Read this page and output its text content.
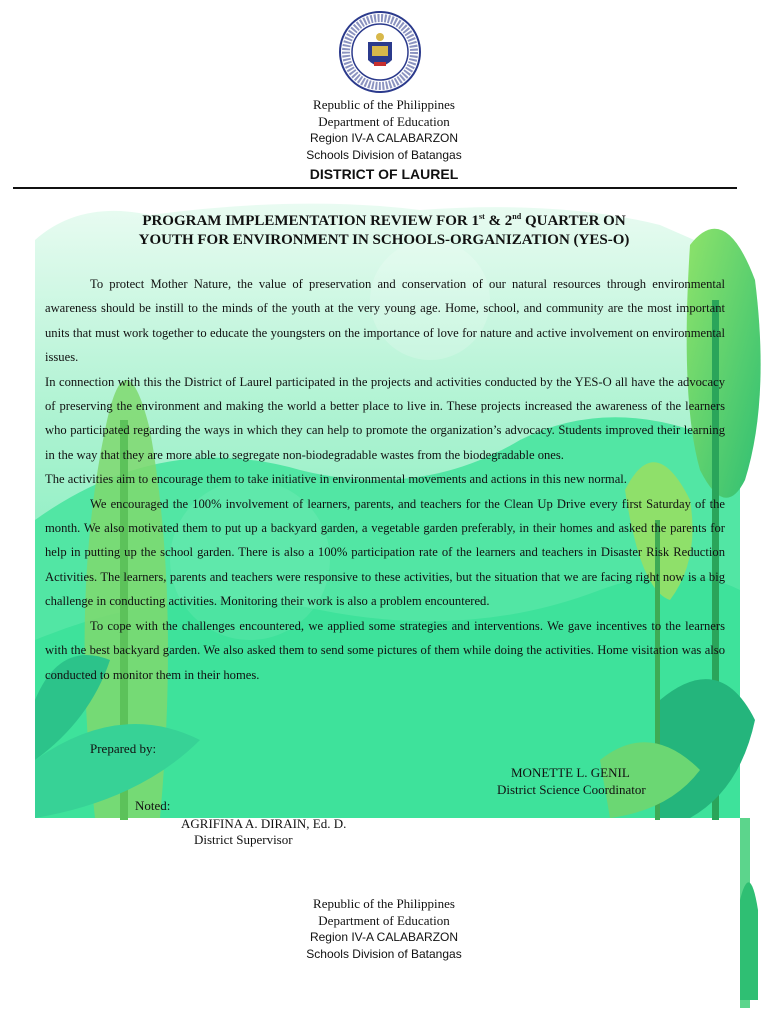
Republic of the Philippines
Department of Education
Region IV-A CALABARZON
Schools Division of Batangas
DISTRICT OF LAUREL
PROGRAM IMPLEMENTATION REVIEW FOR 1st & 2nd QUARTER ON
YOUTH FOR ENVIRONMENT IN SCHOOLS-ORGANIZATION (YES-O)

To protect Mother Nature, the value of preservation and conservation of our natural resources through environmental awareness should be instill to the minds of the youth at the very young age. Home, school, and community are the most important units that must work together to educate the youngsters on the importance of love for nature and active involvement on environmental issues.

In connection with this the District of Laurel participated in the projects and activities conducted by the YES-O all have the advocacy of preserving the environment and making the world a better place to live in. These projects increased the awareness of the learners who participated regarding the ways in which they can help to promote the organization’s advocacy. Students improved their learning in the way that they are more able to segregate non-biodegradable wastes from the biodegradable ones.

The activities aim to encourage them to take initiative in environmental movements and actions in this new normal.

We encouraged the 100% involvement of learners, parents, and teachers for the Clean Up Drive every first Saturday of the month. We also motivated them to put up a backyard garden, a vegetable garden preferably, in their homes and asked the parents for help in putting up the school garden. There is also a 100% participation rate of the learners and teachers in Disaster Risk Reduction Activities. The learners, parents and teachers were responsive to these activities, but the situation that we are facing right now is a big challenge in conducting activities. Monitoring their work is also a problem encountered.

To cope with the challenges encountered, we applied some strategies and interventions. We gave incentives to the learners with the best backyard garden. We also asked them to send some pictures of them while doing the activities. Home visitation was also conducted to monitor them in their homes.

Prepared by:
MONETTE L. GENIL
District Science Coordinator
Noted:
AGRIFINA A. DIRAIN, Ed. D.
District Supervisor
Republic of the Philippines
Department of Education
Region IV-A CALABARZON
Schools Division of Batangas
